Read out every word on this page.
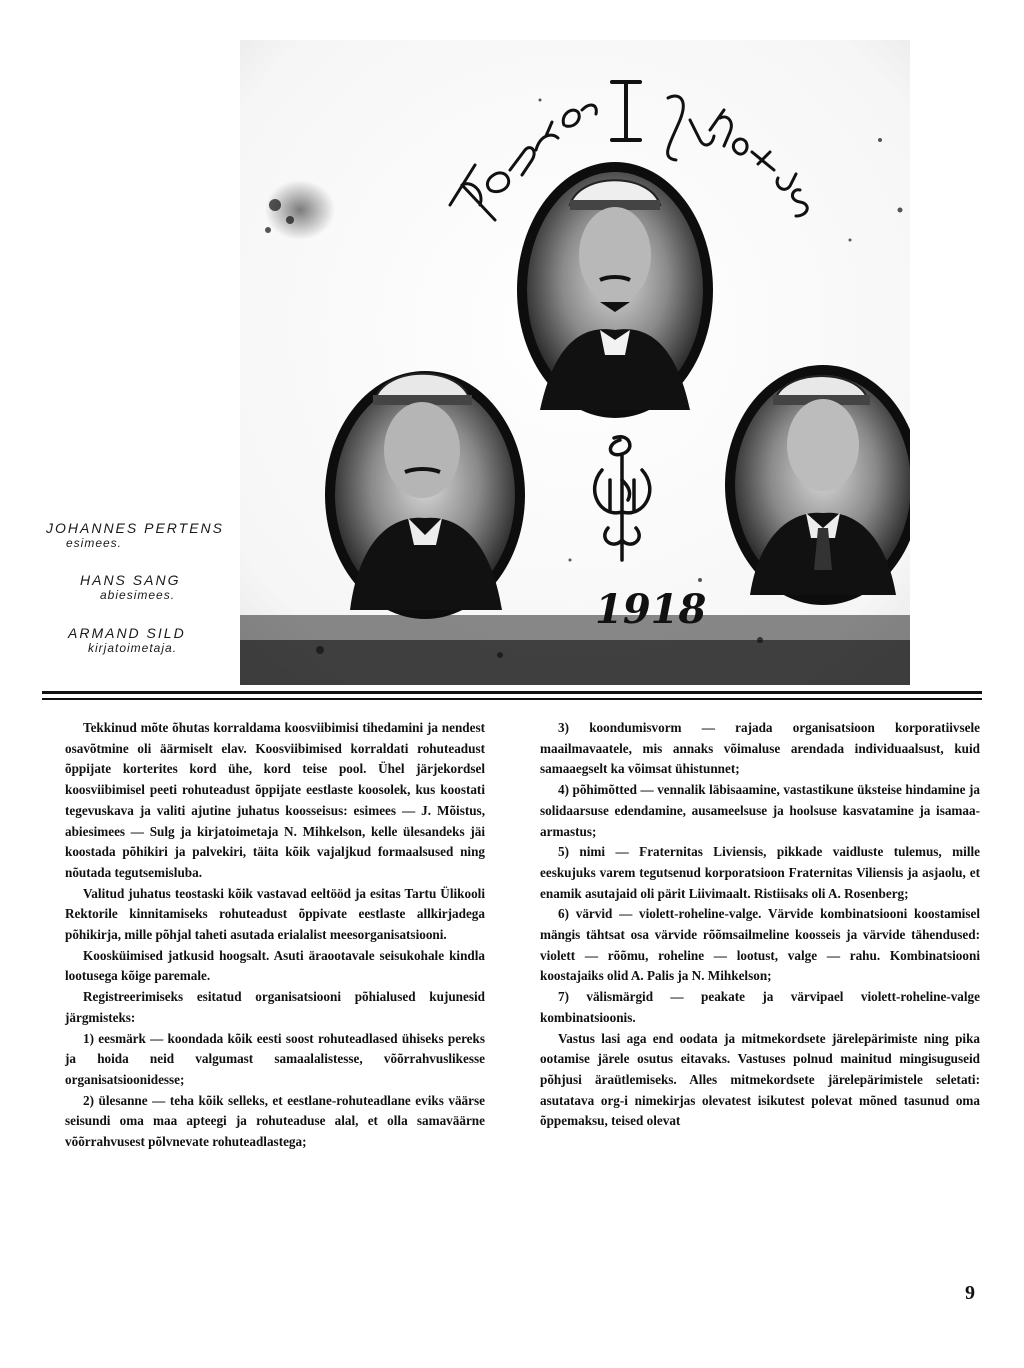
1918
JOHANNES PERTENS
esimees.
HANS SANG
abiesimees.
ARMAND SILD
kirjatoimetaja.

Tekkinud mõte õhutas korraldama koosviibimisi tihedamini ja nendest osavõtmine oli äärmiselt elav. Koosviibimised korraldati rohuteadust õppijate korterites kord ühe, kord teise pool. Ühel järjekordsel koosviibimisel peeti rohuteadust õppijate eestlaste koosolek, kus koostati tegevuskava ja valiti ajutine juhatus koosseisus: esimees — J. Mõistus, abiesimees — Sulg ja kirjatoimetaja N. Mihkelson, kelle ülesandeks jäi koostada põhikiri ja palvekiri, täita kõik vajaljkud formaalsused ning nõutada tegutsemisluba.

Valitud juhatus teostaski kõik vastavad eeltööd ja esitas Tartu Ülikooli Rektorile kinnitamiseks rohuteadust õppivate eestlaste allkirjadega põhikirja, mille põhjal taheti asutada erialalist meesorganisatsiooni.

Koosküimised jatkusid hoogsalt. Asuti äraootavale seisukohale kindla lootusega kõige paremale.

Registreerimiseks esitatud organisatsiooni põhialused kujunesid järgmisteks:

1) eesmärk — koondada kõik eesti soost rohuteadlased ühiseks pereks ja hoida neid valgumast samaalalistesse, võõrrahvuslikesse organisatsioonidesse;

2) ülesanne — teha kõik selleks, et eestlane-rohuteadlane eviks väärse seisundi oma maa apteegi ja rohuteaduse alal, et olla samaväärne võõrrahvusest põlvnevate rohuteadlastega;

3) koondumisvorm — rajada organisatsioon korporatiivsele maailmavaatele, mis annaks võimaluse arendada individuaalsust, kuid samaaegselt ka võimsat ühistunnet;

4) põhimõtted — vennalik läbisaamine, vastastikune üksteise hindamine ja solidaarsuse edendamine, ausameelsuse ja hoolsuse kasvatamine ja isamaa-armastus;

5) nimi — Fraternitas Liviensis, pikkade vaidluste tulemus, mille eeskujuks varem tegutsenud korporatsioon Fraternitas Viliensis ja asjaolu, et enamik asutajaid oli pärit Liivimaalt. Ristiisaks oli A. Rosenberg;

6) värvid — violett-roheline-valge. Värvide kombinatsiooni koostamisel mängis tähtsat osa värvide rõõmsailmeline koosseis ja värvide tähendused: violett — rõõmu, roheline — lootust, valge — rahu. Kombinatsiooni koostajaiks olid A. Palis ja N. Mihkelson;

7) välismärgid — peakate ja värvipael violett-roheline-valge kombinatsioonis.

Vastus lasi aga end oodata ja mitmekordsete järelepärimiste ning pika ootamise järele osutus eitavaks. Vastuses polnud mainitud mingisuguseid põhjusi äraütlemiseks. Alles mitmekordsete järelepärimistele seletati: asutatava org-i nimekirjas olevatest isikutest polevat mõned tasunud oma õppemaksu, teised olevat

9
